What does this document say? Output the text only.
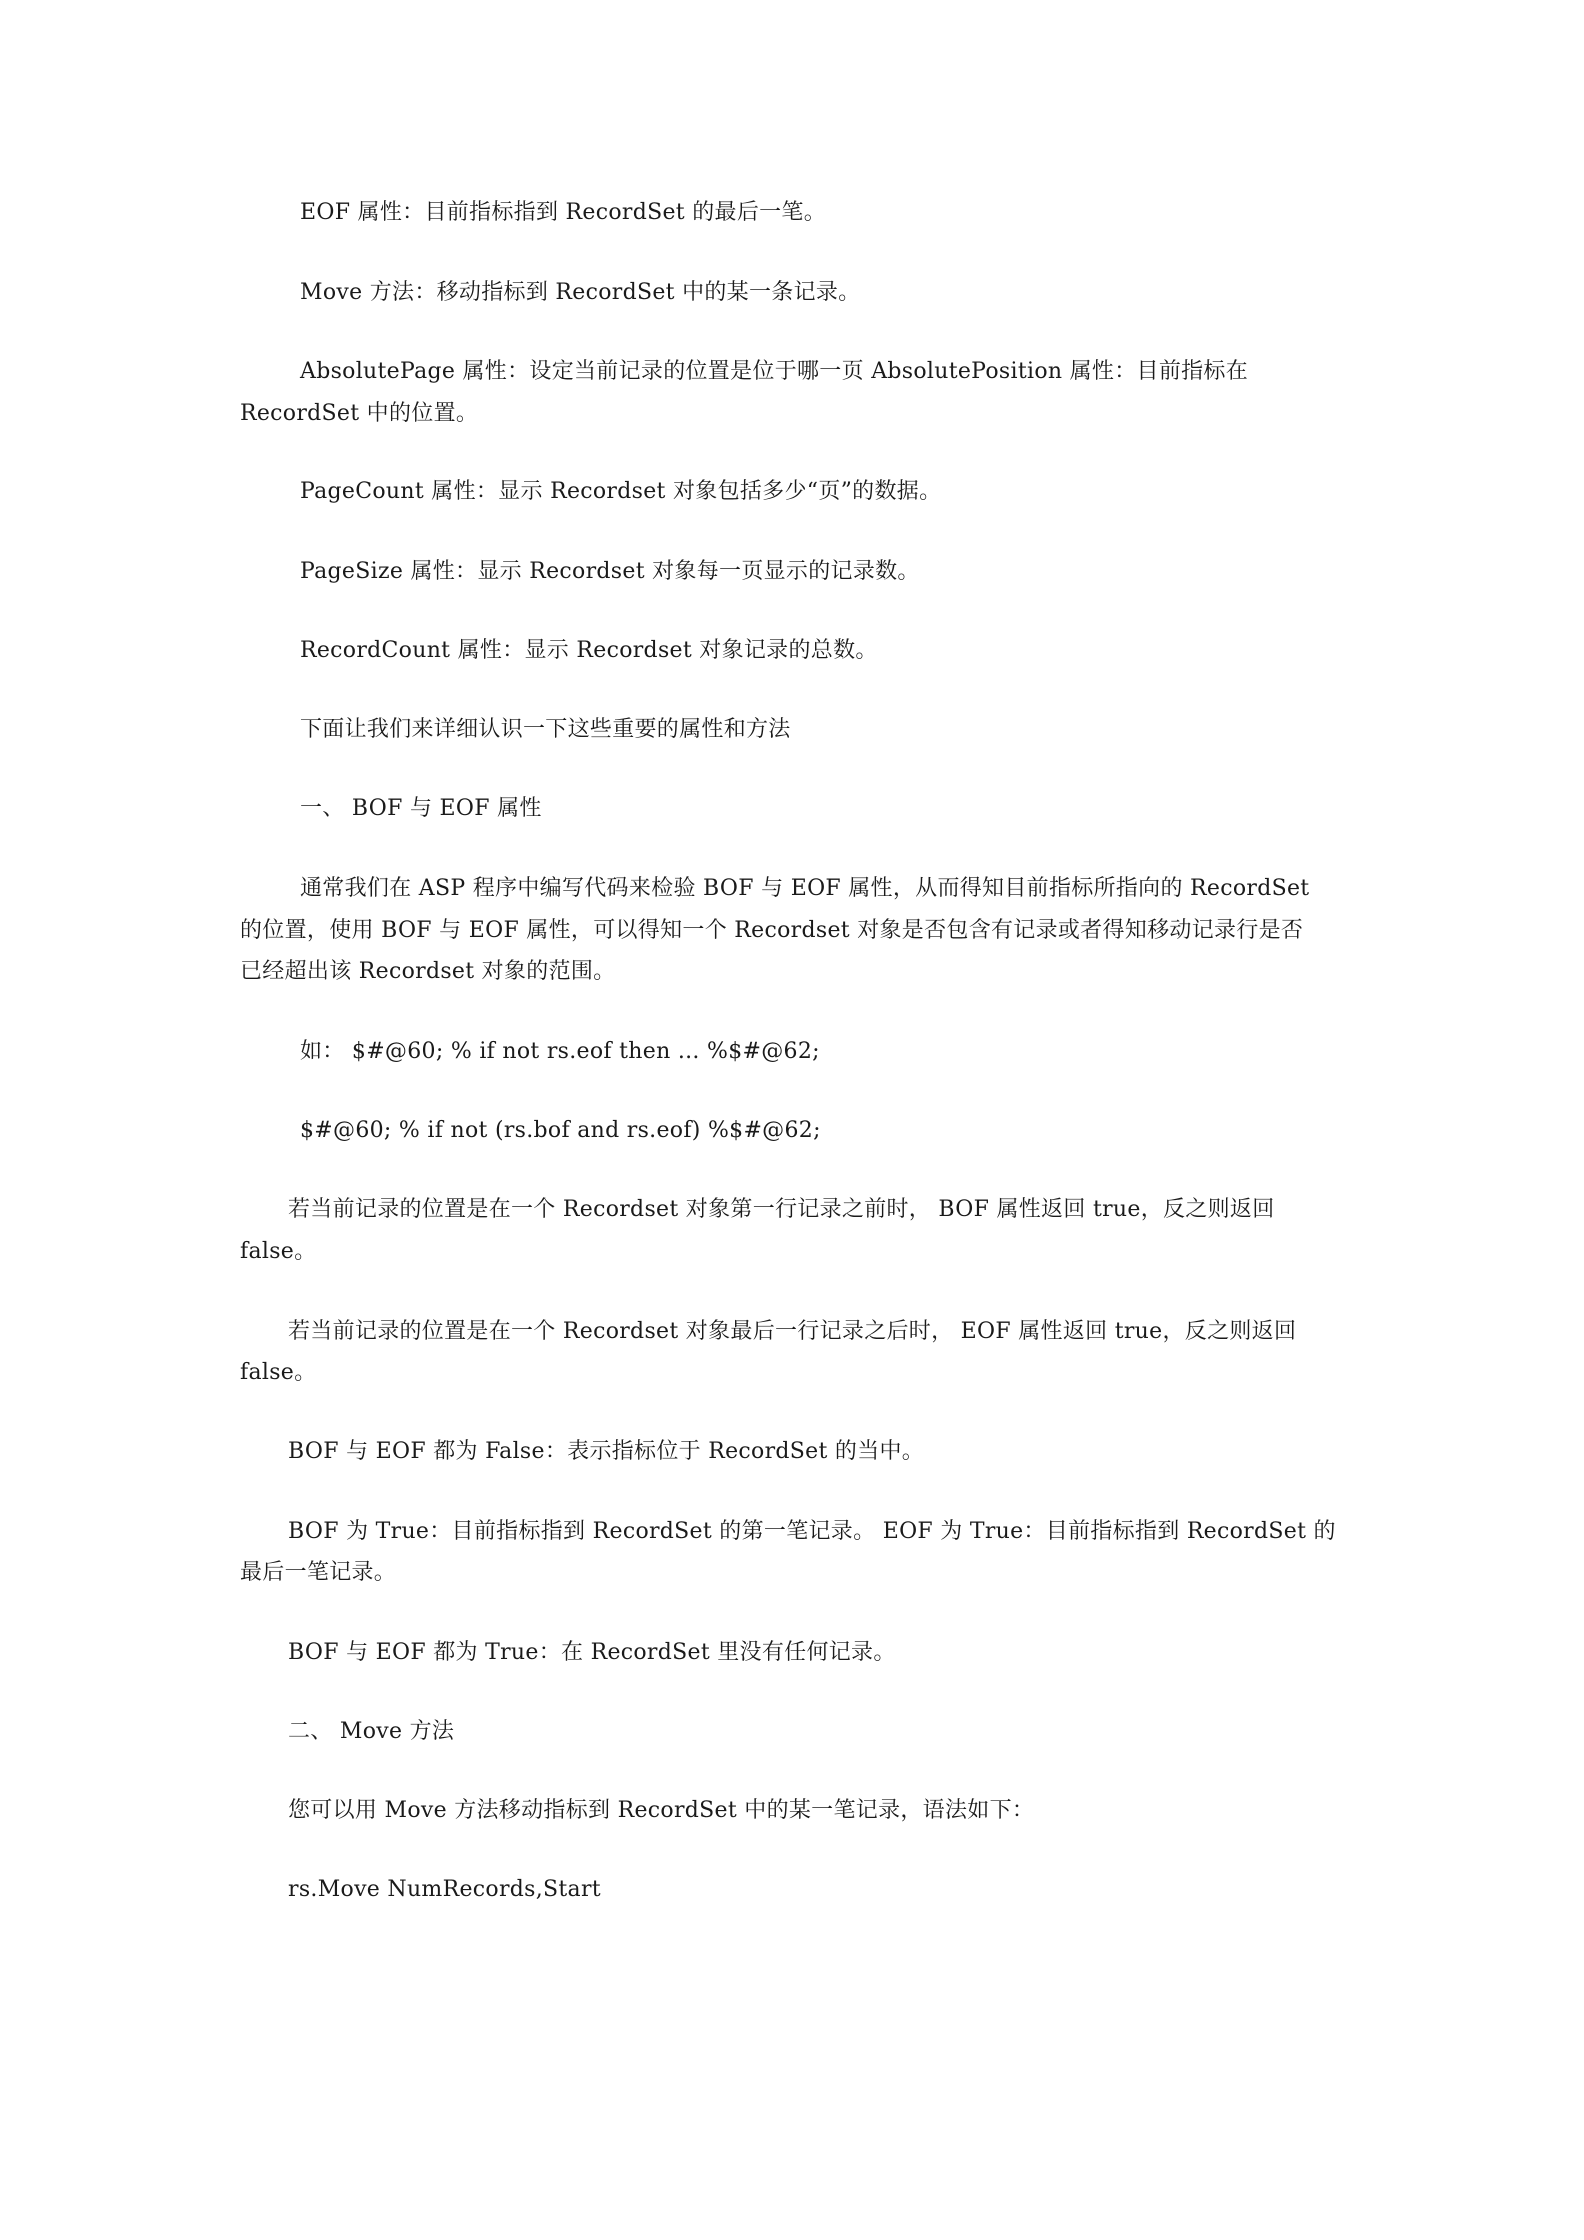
EOF 属性：目前指标指到 RecordSet 的最后一笔。

Move 方法：移动指标到 RecordSet 中的某一条记录。

AbsolutePage 属性：设定当前记录的位置是位于哪一页 AbsolutePosition 属性：目前指标在

RecordSet 中的位置。

PageCount 属性：显示 Recordset 对象包括多少“页”的数据。

PageSize 属性：显示 Recordset 对象每一页显示的记录数。

RecordCount 属性：显示 Recordset 对象记录的总数。

下面让我们来详细认识一下这些重要的属性和方法

一、 BOF 与 EOF 属性

通常我们在 ASP 程序中编写代码来检验 BOF 与 EOF 属性，从而得知目前指标所指向的 RecordSet

的位置，使用 BOF 与 EOF 属性，可以得知一个 Recordset 对象是否包含有记录或者得知移动记录行是否

已经超出该 Recordset 对象的范围。

如： $#@60; % if not rs.eof then ... %$#@62;

$#@60; % if not (rs.bof and rs.eof) %$#@62;

若当前记录的位置是在一个 Recordset 对象第一行记录之前时， BOF 属性返回 true，反之则返回

false。

若当前记录的位置是在一个 Recordset 对象最后一行记录之后时， EOF 属性返回 true，反之则返回

false。

BOF 与 EOF 都为 False：表示指标位于 RecordSet 的当中。

BOF 为 True：目前指标指到 RecordSet 的第一笔记录。 EOF 为 True：目前指标指到 RecordSet 的

最后一笔记录。

BOF 与 EOF 都为 True：在 RecordSet 里没有任何记录。

二、 Move 方法

您可以用 Move 方法移动指标到 RecordSet 中的某一笔记录，语法如下：

rs.Move NumRecords,Start
